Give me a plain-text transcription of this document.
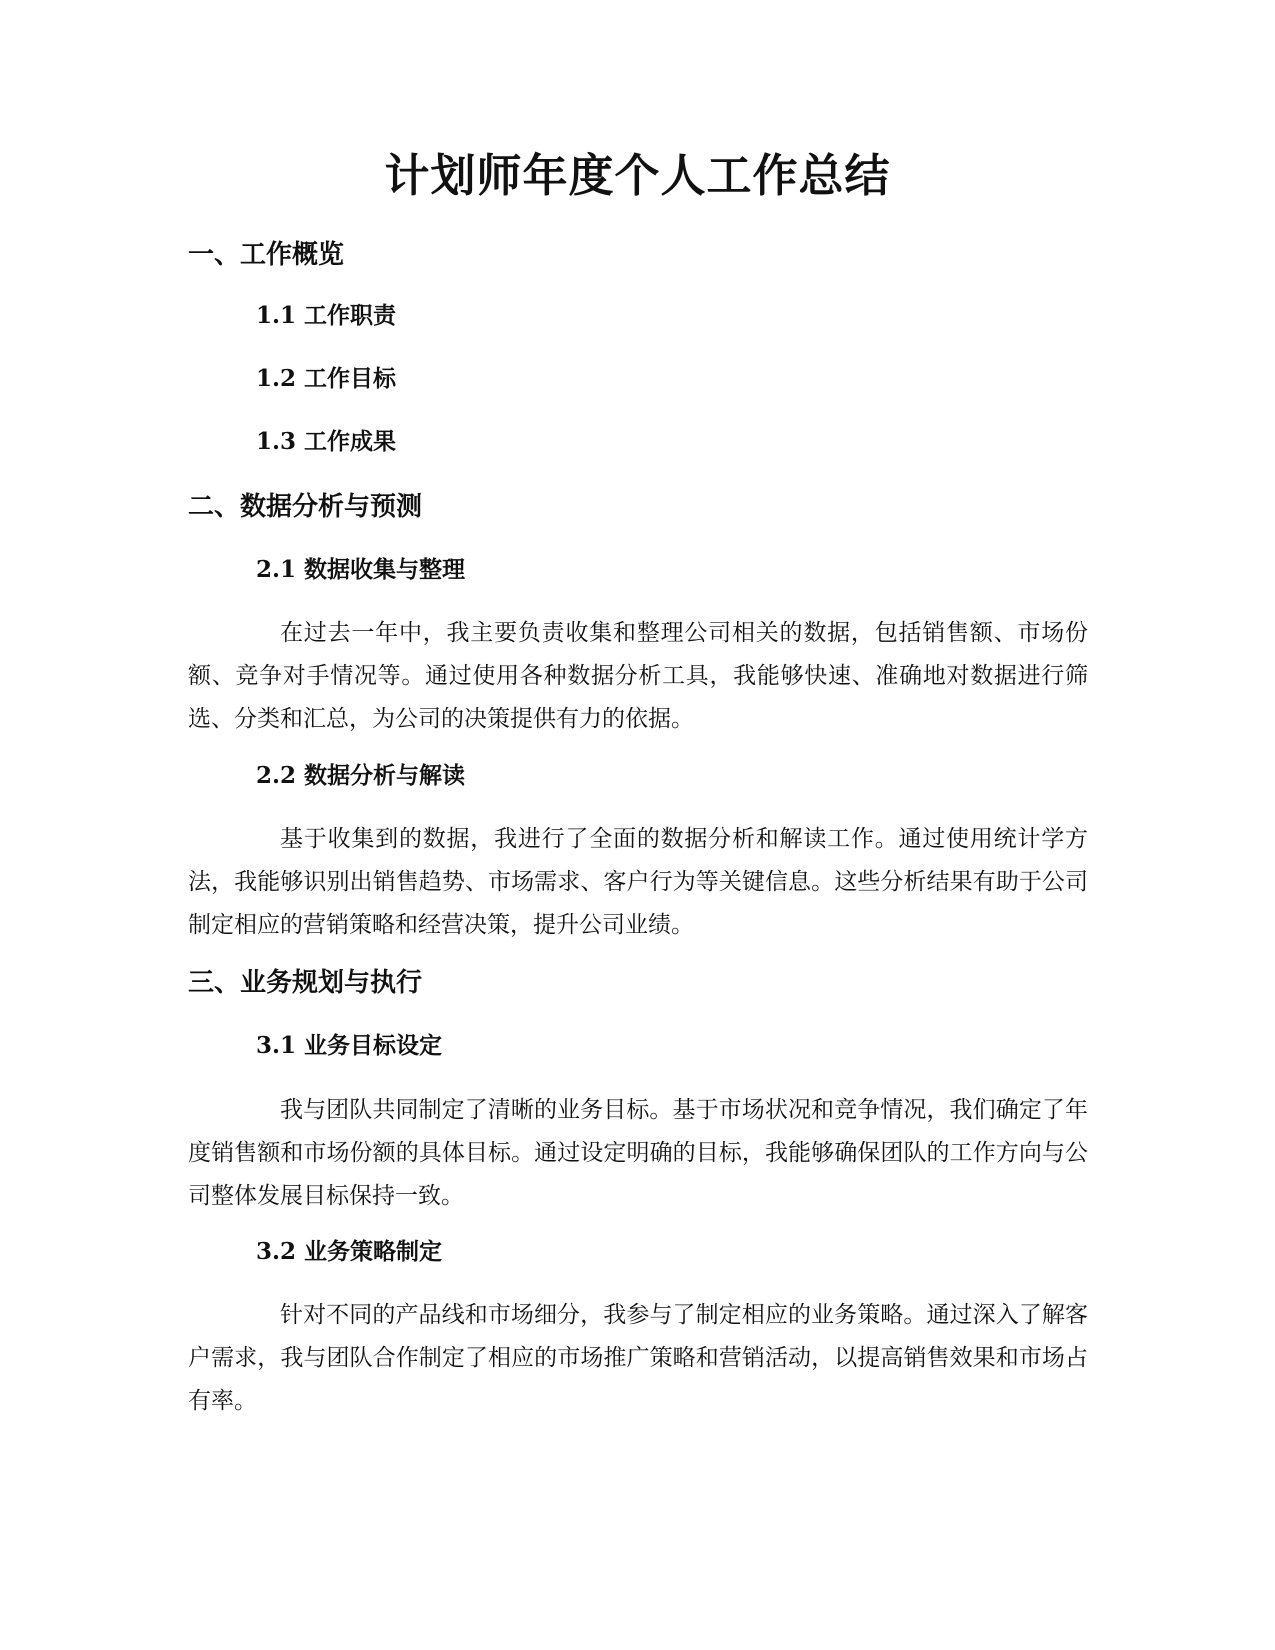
计划师年度个人工作总结
一、工作概览
1.1 工作职责
1.2 工作目标
1.3 工作成果
二、数据分析与预测
2.1 数据收集与整理

在过去一年中，我主要负责收集和整理公司相关的数据，包括销售额、市场份额、竞争对手情况等。通过使用各种数据分析工具，我能够快速、准确地对数据进行筛选、分类和汇总，为公司的决策提供有力的依据。

2.2 数据分析与解读

基于收集到的数据，我进行了全面的数据分析和解读工作。通过使用统计学方法，我能够识别出销售趋势、市场需求、客户行为等关键信息。这些分析结果有助于公司制定相应的营销策略和经营决策，提升公司业绩。

三、业务规划与执行
3.1 业务目标设定

我与团队共同制定了清晰的业务目标。基于市场状况和竞争情况，我们确定了年度销售额和市场份额的具体目标。通过设定明确的目标，我能够确保团队的工作方向与公司整体发展目标保持一致。

3.2 业务策略制定

针对不同的产品线和市场细分，我参与了制定相应的业务策略。通过深入了解客户需求，我与团队合作制定了相应的市场推广策略和营销活动，以提高销售效果和市场占有率。
